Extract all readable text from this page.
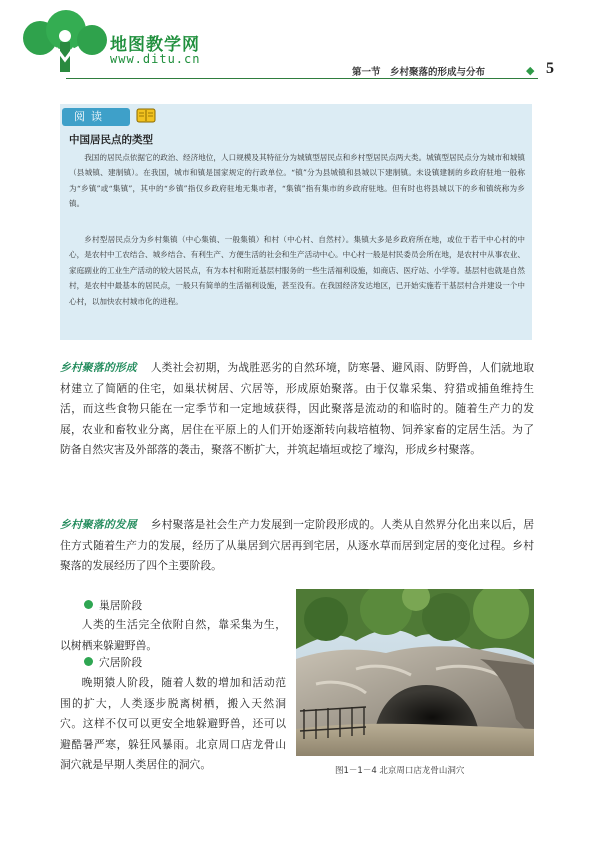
地图教学网
www.ditu.cn
第一节　乡村聚落的形成与分布	◆ 5
阅读
中国居民点的类型

我国的居民点依据它的政治、经济地位，人口规模及其特征分为城镇型居民点和乡村型居民点两大类。城镇型居民点分为城市和城镇（县城镇、建制镇）。在我国，城市和镇是国家规定的行政单位。“镇”分为县城镇和县城以下建制镇。未设镇建制的乡政府驻地一般称为“乡镇”或“集镇”，其中的“乡镇”指仅乡政府驻地无集市者，“集镇”指有集市的乡政府驻地。但有时也将县城以下的乡和镇统称为乡镇。

乡村型居民点分为乡村集镇（中心集镇、一般集镇）和村（中心村、自然村）。集镇大多是乡政府所在地，或位于若干中心村的中心，是农村中工农结合、城乡结合、有利生产、方便生活的社会和生产活动中心。中心村一般是村民委员会所在地，是农村中从事农业、家庭副业的工业生产活动的较大居民点，有为本村和附近基层村服务的一些生活福利设施，如商店、医疗站、小学等。基层村也就是自然村，是农村中最基本的居民点，一般只有简单的生活福利设施，甚至没有。在我国经济发达地区，已开始实施若干基层村合并建设一个中心村，以加快农村城市化的进程。

乡村聚落的形成 人类社会初期，为战胜恶劣的自然环境，防寒暑、避风雨、防野兽，人们就地取材建立了简陋的住宅，如巢状树居、穴居等，形成原始聚落。由于仅靠采集、狩猎或捕鱼维持生活，而这些食物只能在一定季节和一定地域获得，因此聚落是流动的和临时的。随着生产力的发展，农业和畜牧业分离，居住在平原上的人们开始逐渐转向栽培植物、饲养家畜的定居生活。为了防备自然灾害及外部落的袭击，聚落不断扩大，并筑起墙垣或挖了壕沟，形成乡村聚落。

乡村聚落的发展 乡村聚落是社会生产力发展到一定阶段形成的。人类从自然界分化出来以后，居住方式随着生产力的发展，经历了从巢居到穴居再到宅居，从逐水草而居到定居的变化过程。乡村聚落的发展经历了四个主要阶段。

巢居阶段

人类的生活完全依附自然，靠采集为生，以树栖来躲避野兽。

穴居阶段

晚期猿人阶段，随着人数的增加和活动范围的扩大，人类逐步脱离树栖，搬入天然洞穴。这样不仅可以更安全地躲避野兽，还可以避酷暑严寒，躲狂风暴雨。北京周口店龙骨山洞穴就是早期人类居住的洞穴。	图1－1－4 北京周口店龙骨山洞穴
